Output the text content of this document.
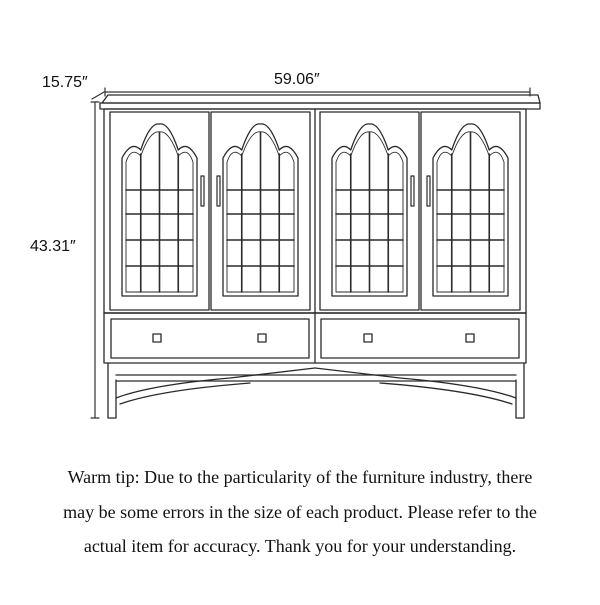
15.75″	59.06″
43.31″
Warm tip: Due to the particularity of the furniture industry, there
may be some errors in the size of each product. Please refer to the
actual item for accuracy. Thank you for your understanding.
